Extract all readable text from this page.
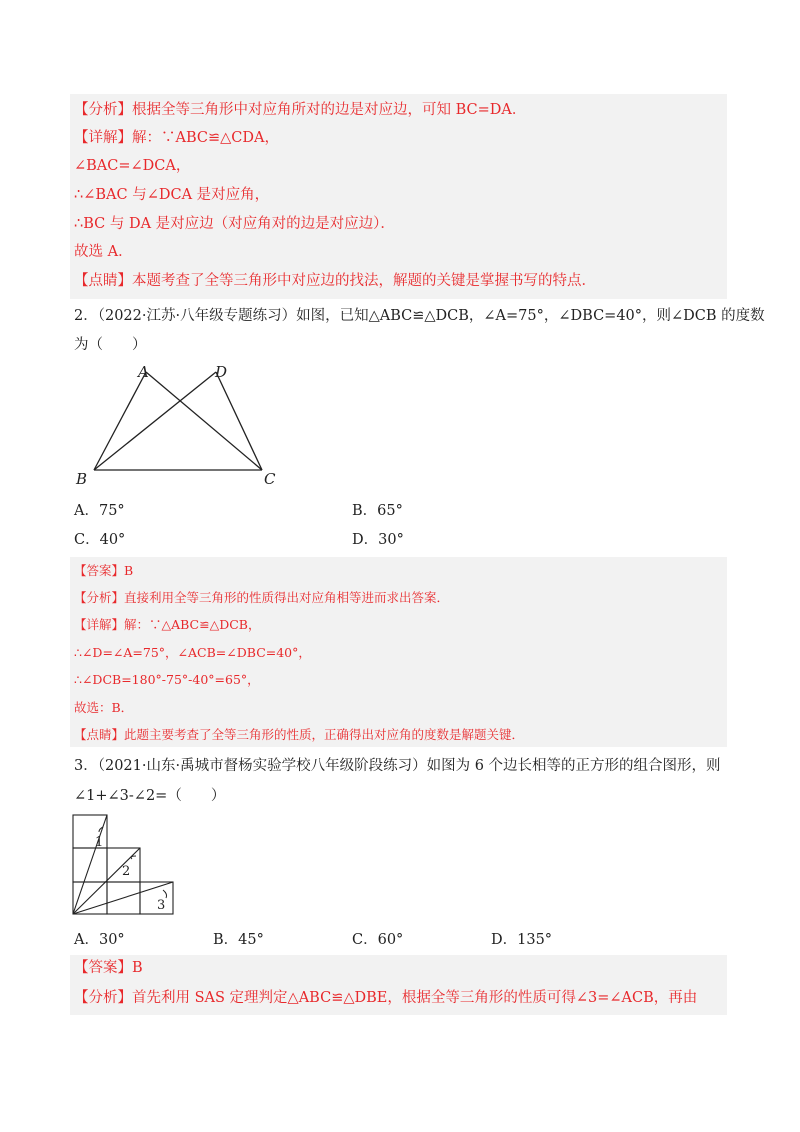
【分析】根据全等三角形中对应角所对的边是对应边，可知 BC=DA．
【详解】解：∵ABC≌△CDA，
∠BAC=∠DCA，
∴∠BAC 与∠DCA 是对应角，
∴BC 与 DA 是对应边（对应角对的边是对应边）．
故选 A．
【点睛】本题考查了全等三角形中对应边的找法，解题的关键是掌握书写的特点．
2．（2022·江苏·八年级专题练习）如图，已知△ABC≌△DCB，∠A=75°，∠DBC=40°，则∠DCB 的度数
为（　　）
A	D
B	C
A．75°	B．65°
C．40°	D．30°
【答案】B
【分析】直接利用全等三角形的性质得出对应角相等进而求出答案．
【详解】解：∵△ABC≌△DCB，
∴∠D=∠A=75°，∠ACB=∠DBC=40°，
∴∠DCB=180°-75°-40°=65°，
故选：B．
【点睛】此题主要考查了全等三角形的性质，正确得出对应角的度数是解题关键．
3．（2021·山东·禹城市督杨实验学校八年级阶段练习）如图为 6 个边长相等的正方形的组合图形，则
∠1+∠3-∠2=（　　）
1
2
3
A．30°	B．45°	C．60°	D．135°
【答案】B
【分析】首先利用 SAS 定理判定△ABC≌△DBE，根据全等三角形的性质可得∠3=∠ACB，再由
